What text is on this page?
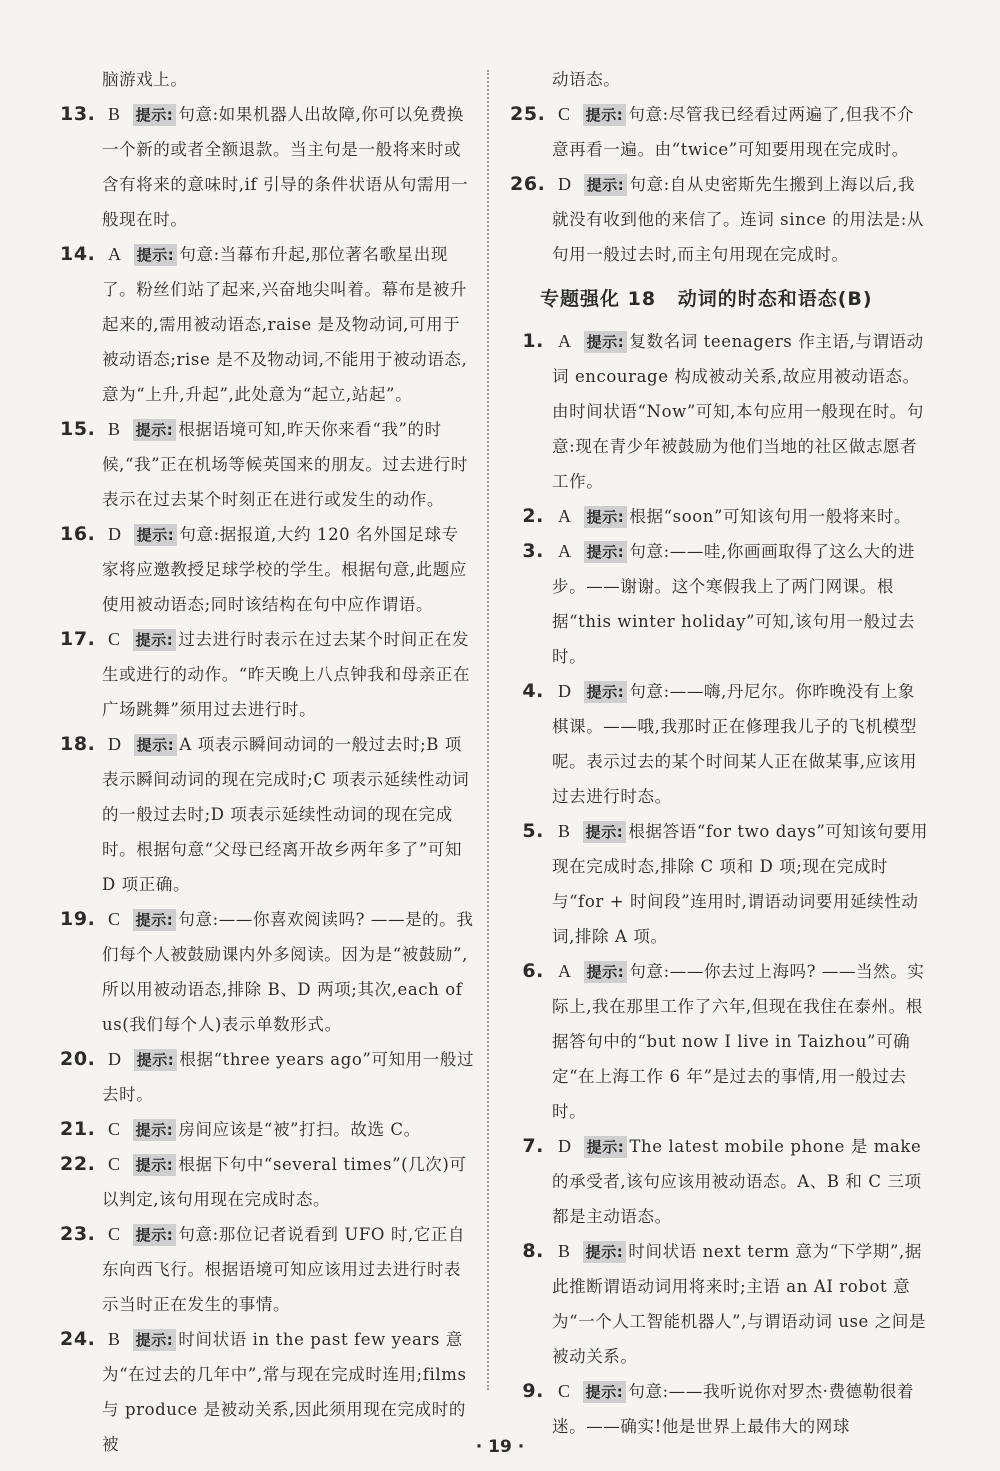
脑游戏上。
13. B 提示: 句意:如果机器人出故障,你可以免费换一个新的或者全额退款。当主句是一般将来时或含有将来的意味时,if 引导的条件状语从句需用一般现在时。
14. A 提示: 句意:当幕布升起,那位著名歌星出现了。粉丝们站了起来,兴奋地尖叫着。幕布是被升起来的,需用被动语态,raise 是及物动词,可用于被动语态;rise 是不及物动词,不能用于被动语态,意为“上升,升起”,此处意为“起立,站起”。
15. B 提示: 根据语境可知,昨天你来看“我”的时候,“我”正在机场等候英国来的朋友。过去进行时表示在过去某个时刻正在进行或发生的动作。
16. D 提示: 句意:据报道,大约 120 名外国足球专家将应邀教授足球学校的学生。根据句意,此题应使用被动语态;同时该结构在句中应作谓语。
17. C 提示: 过去进行时表示在过去某个时间正在发生或进行的动作。“昨天晚上八点钟我和母亲正在广场跳舞”须用过去进行时。
18. D 提示: A 项表示瞬间动词的一般过去时;B 项表示瞬间动词的现在完成时;C 项表示延续性动词的一般过去时;D 项表示延续性动词的现在完成时。根据句意“父母已经离开故乡两年多了”可知 D 项正确。
19. C 提示: 句意:——你喜欢阅读吗? ——是的。我们每个人被鼓励课内外多阅读。因为是“被鼓励”,所以用被动语态,排除 B、D 两项;其次,each of us(我们每个人)表示单数形式。
20. D 提示: 根据“three years ago”可知用一般过去时。
21. C 提示: 房间应该是“被”打扫。故选 C。
22. C 提示: 根据下句中“several times”(几次)可以判定,该句用现在完成时态。
23. C 提示: 句意:那位记者说看到 UFO 时,它正自东向西飞行。根据语境可知应该用过去进行时表示当时正在发生的事情。
24. B 提示: 时间状语 in the past few years 意为“在过去的几年中”,常与现在完成时连用;films 与 produce 是被动关系,因此须用现在完成时的被
动语态。
25. C 提示: 句意:尽管我已经看过两遍了,但我不介意再看一遍。由“twice”可知要用现在完成时。
26. D 提示: 句意:自从史密斯先生搬到上海以后,我就没有收到他的来信了。连词 since 的用法是:从句用一般过去时,而主句用现在完成时。
专题强化 18 动词的时态和语态(B)
1. A 提示: 复数名词 teenagers 作主语,与谓语动词 encourage 构成被动关系,故应用被动语态。由时间状语“Now”可知,本句应用一般现在时。句意:现在青少年被鼓励为他们当地的社区做志愿者工作。
2. A 提示: 根据“soon”可知该句用一般将来时。
3. A 提示: 句意:——哇,你画画取得了这么大的进步。——谢谢。这个寒假我上了两门网课。根据“this winter holiday”可知,该句用一般过去时。
4. D 提示: 句意:——嗨,丹尼尔。你昨晚没有上象棋课。——哦,我那时正在修理我儿子的飞机模型呢。表示过去的某个时间某人正在做某事,应该用过去进行时态。
5. B 提示: 根据答语“for two days”可知该句要用现在完成时态,排除 C 项和 D 项;现在完成时与“for + 时间段”连用时,谓语动词要用延续性动词,排除 A 项。
6. A 提示: 句意:——你去过上海吗? ——当然。实际上,我在那里工作了六年,但现在我住在泰州。根据答句中的“but now I live in Taizhou”可确定“在上海工作 6 年”是过去的事情,用一般过去时。
7. D 提示: The latest mobile phone 是 make 的承受者,该句应该用被动语态。A、B 和 C 三项都是主动语态。
8. B 提示: 时间状语 next term 意为“下学期”,据此推断谓语动词用将来时;主语 an AI robot 意为“一个人工智能机器人”,与谓语动词 use 之间是被动关系。
9. C 提示: 句意:——我听说你对罗杰·费德勒很着迷。——确实!他是世界上最伟大的网球
· 19 ·
